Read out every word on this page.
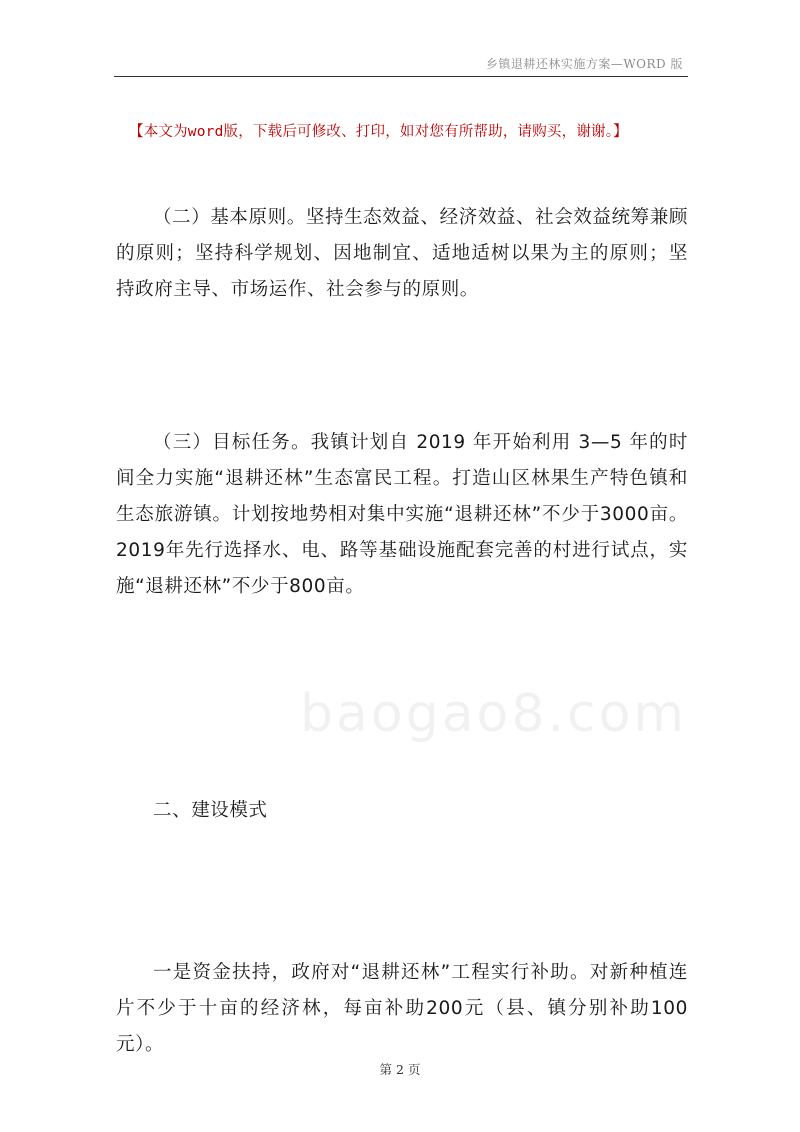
乡镇退耕还林实施方案—WORD 版
【本文为word版，下载后可修改、打印，如对您有所帮助，请购买，谢谢。】

（二）基本原则。坚持生态效益、经济效益、社会效益统筹兼顾的原则；坚持科学规划、因地制宜、适地适树以果为主的原则；坚持政府主导、市场运作、社会参与的原则。

（三）目标任务。我镇计划自 2019 年开始利用 3—5 年的时间全力实施“退耕还林”生态富民工程。打造山区林果生产特色镇和生态旅游镇。计划按地势相对集中实施“退耕还林”不少于3000亩。2019年先行选择水、电、路等基础设施配套完善的村进行试点，实施“退耕还林”不少于800亩。

baogao8.com
二、建设模式

一是资金扶持，政府对“退耕还林”工程实行补助。对新种植连片不少于十亩的经济林，每亩补助200元（县、镇分别补助100元）。

第 2 页
